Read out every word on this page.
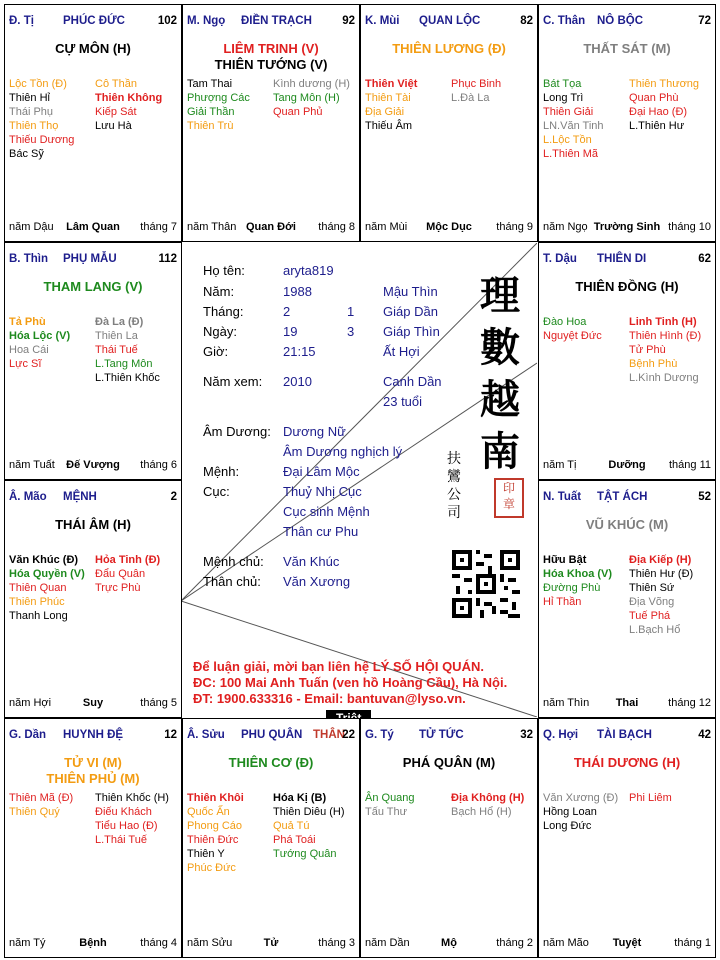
Họ tên:	aryta819
Năm:	1988	Mậu Thìn
Tháng:	2	1 Giáp Dần
Ngày:	19	3 Giáp Thìn
Giờ:	21:15	Ất Hợi
Năm xem: 2010	Canh Dần
23 tuổi
Âm Dương: Dương Nữ
Âm Dương nghịch lý
Mệnh:	Đại Lâm Mộc
Cục:	Thuỷ Nhị Cục
Cục sinh Mệnh
Thân cư Phu
Mệnh chủ: Văn Khúc
Thân chủ: Văn Xương
Để luận giải, mời bạn liên hệ LÝ SỐ HỘI QUÁN.
ĐC: 100 Mai Anh Tuấn (ven hồ Hoàng Cầu), Hà Nội.
ĐT: 1900.633316 - Email: bantuvan@lyso.vn.
理
數
越
南
扶鸞公司
印
章
Đ. Tị	PHÚC ĐỨC	102
CỰ MÔN (H)
Lộc Tồn (Đ)
Thiên Hỉ
Thái Phụ
Thiên Thọ
Thiếu Dương
Bác Sỹ
Cô Thần
Thiên Không
Kiếp Sát
Lưu Hà
năm Dậu	Lâm Quan	tháng 7
M. Ngọ ĐIỀN TRẠCH	92
LIÊM TRINH (V)
THIÊN TƯỚNG (V)
Tam Thai
Phượng Các
Giải Thần
Thiên Trù
Kình dương (H)
Tang Môn (H)
Quan Phủ
năm Thân Quan Đới	tháng 8
K. Mùi QUAN LỘC	82
THIÊN LƯƠNG (Đ)
Thiên Việt
Thiên Tài
Địa Giải
Thiếu Âm
Phục Binh
L.Đà La
năm Mùi	Mộc Dục	tháng 9
C. Thân NÔ BỘC	72
THẤT SÁT (M)
Bát Tọa
Long Trì
Thiên Giải
LN.Văn Tinh
L.Lộc Tồn
L.Thiên Mã
Thiên Thương
Quan Phù
Đại Hao (Đ)
L.Thiên Hư
năm Ngọ Trường Sinh tháng 10
T. Dậu THIÊN DI	62
THIÊN ĐỒNG (H)
Đào Hoa
Nguyệt Đức
Linh Tinh (H)
Thiên Hình (Đ)
Tử Phù
Bệnh Phù
L.Kình Dương
năm Tị	Dưỡng	tháng 11
N. Tuất TẬT ÁCH	52
VŨ KHÚC (M)
Hữu Bật
Hóa Khoa (V)
Đường Phù
Hỉ Thần
Địa Kiếp (H)
Thiên Hư (Đ)
Thiên Sứ
Địa Võng
Tuế Phá
L.Bạch Hổ
năm Thìn	Thai	tháng 12
Q. Hợi TÀI BẠCH	42
THÁI DƯƠNG (H)
Văn Xương (Đ)
Hồng Loan
Long Đức
Phi Liêm
năm Mão	Tuyệt	tháng 1
G. Tý TỬ TỨC	32
PHÁ QUÂN (M)
Ân Quang
Tấu Thư
Địa Không (H)
Bạch Hổ (H)
năm Dần	Mộ	tháng 2
Â. Sửu PHU QUÂN THÂN
22
THIÊN CƠ (Đ)
Thiên Khôi
Quốc Ấn
Phong Cáo
Thiên Đức
Thiên Y
Phúc Đức
Hóa Kị (B)
Thiên Diêu (H)
Quả Tú
Phá Toái
Tướng Quân
năm Sửu	Tử	tháng 3
G. Dần HUYNH ĐỆ	12
TỬ VI (M)
THIÊN PHỦ (M)
Thiên Mã (Đ)
Thiên Quý
Thiên Khốc (H)
Điếu Khách
Tiểu Hao (Đ)
L.Thái Tuế
năm Tý	Bệnh	tháng 4
Â. Mão MỆNH	2
THÁI ÂM (H)
Văn Khúc (Đ)
Hóa Quyền (V)
Thiên Quan
Thiên Phúc
Thanh Long
Hỏa Tinh (Đ)
Đẩu Quân
Trực Phù
năm Hợi	Suy	tháng 5
B. Thìn PHỤ MẪU	112
THAM LANG (V)
Tả Phù
Hóa Lộc (V)
Hoa Cái
Lực Sĩ
Đà La (Đ)
Thiên La
Thái Tuế
L.Tang Môn
L.Thiên Khốc
năm Tuất	Đế Vượng	tháng 6
